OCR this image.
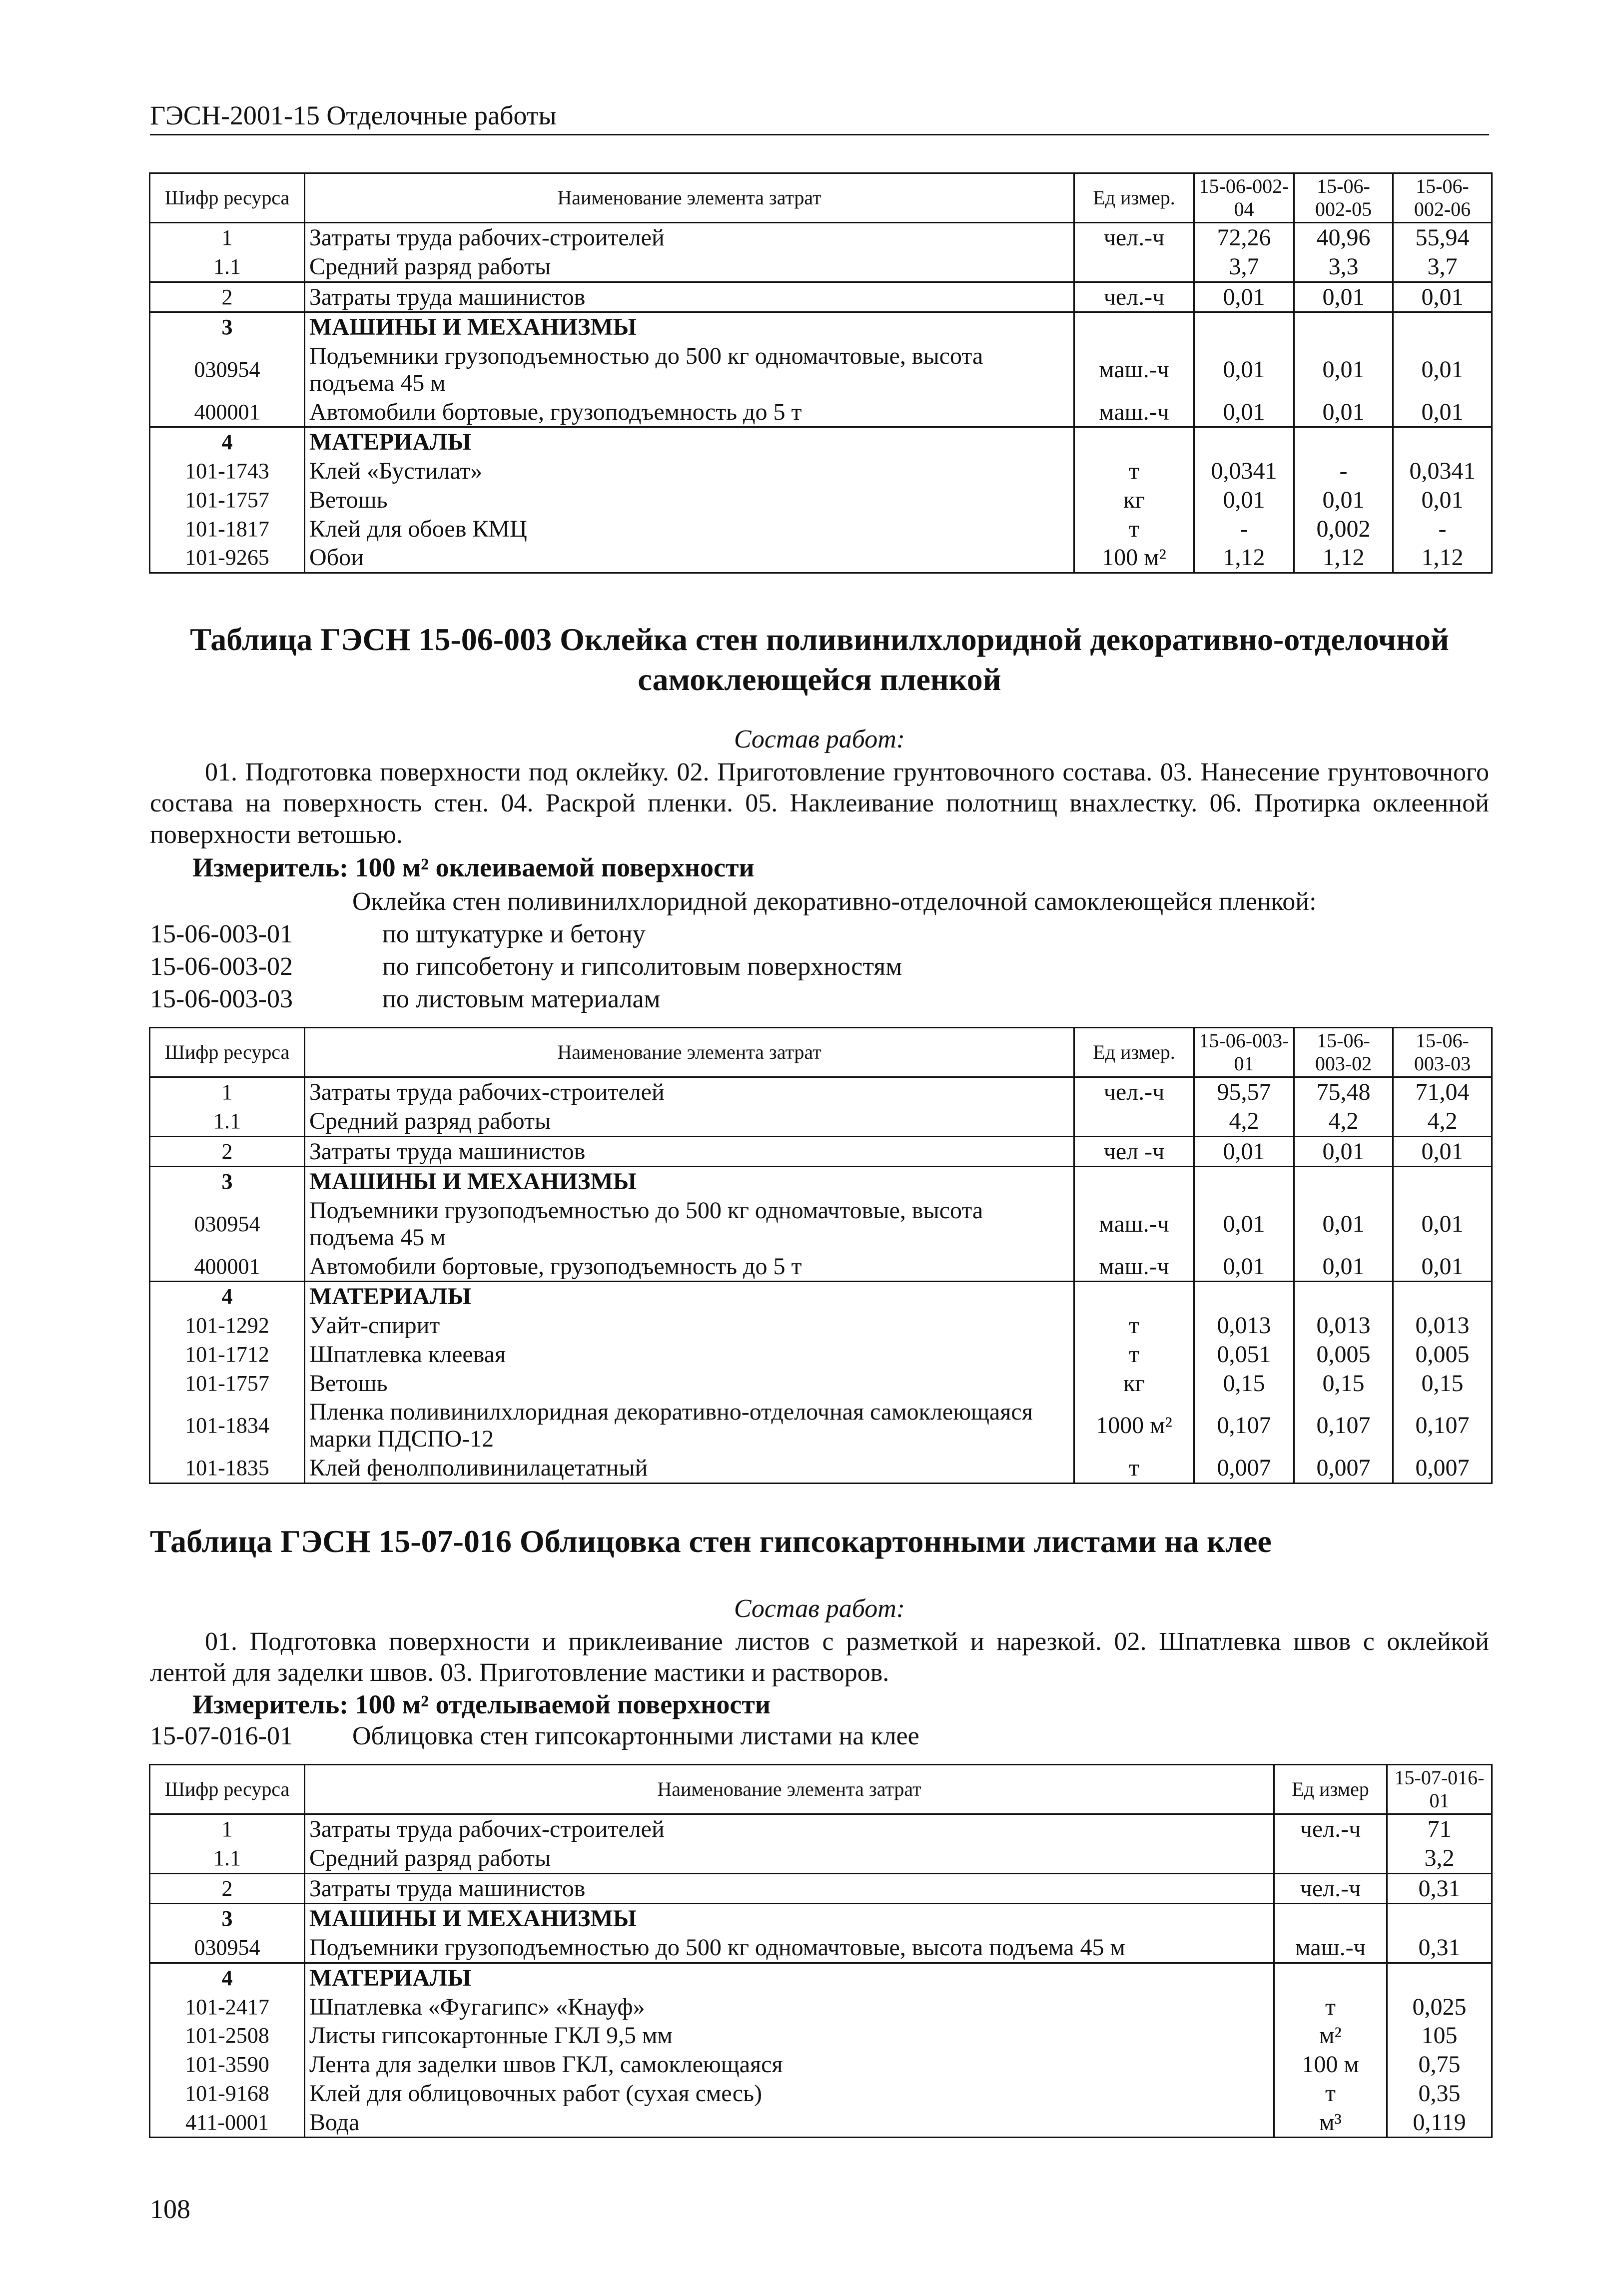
ГЭСН-2001-15 Отделочные работы
Шифр ресурса	Наименование элемента затрат	Ед измер.	15-06-002-04	15-06-002-05	15-06-002-06
1	Затраты труда рабочих-строителей	чел.-ч	72,26	40,96	55,94
1.1	Средний разряд работы		3,7	3,3	3,7
2	Затраты труда машинистов	чел.-ч	0,01	0,01	0,01
3	МАШИНЫ И МЕХАНИЗМЫ				
030954	Подъемники грузоподъемностью до 500 кг одномачтовые, высота подъема 45 м	маш.-ч	0,01	0,01	0,01
400001	Автомобили бортовые, грузоподъемность до 5 т	маш.-ч	0,01	0,01	0,01
4	МАТЕРИАЛЫ				
101-1743	Клей «Бустилат»	т	0,0341	-	0,0341
101-1757	Ветошь	кг	0,01	0,01	0,01
101-1817	Клей для обоев КМЦ	т	-	0,002	-
101-9265	Обои	100 м²	1,12	1,12	1,12
Таблица ГЭСН 15-06-003 Оклейка стен поливинилхлоридной декоративно-отделочной самоклеющейся пленкой
Состав работ:
01. Подготовка поверхности под оклейку. 02. Приготовление грунтовочного состава. 03. Нанесение грунтовочного состава на поверхность стен. 04. Раскрой пленки. 05. Наклеивание полотнищ внахлестку. 06. Протирка оклеенной поверхности ветошью.
Измеритель: 100 м² оклеиваемой поверхности
Оклейка стен поливинилхлоридной декоративно-отделочной самоклеющейся пленкой:
15-06-003-01	по штукатурке и бетону
15-06-003-02	по гипсобетону и гипсолитовым поверхностям
15-06-003-03	по листовым материалам
Шифр ресурса	Наименование элемента затрат	Ед измер.	15-06-003-01	15-06-003-02	15-06-003-03
1	Затраты труда рабочих-строителей	чел.-ч	95,57	75,48	71,04
1.1	Средний разряд работы		4,2	4,2	4,2
2	Затраты труда машинистов	чел -ч	0,01	0,01	0,01
3	МАШИНЫ И МЕХАНИЗМЫ				
030954	Подъемники грузоподъемностью до 500 кг одномачтовые, высота подъема 45 м	маш.-ч	0,01	0,01	0,01
400001	Автомобили бортовые, грузоподъемность до 5 т	маш.-ч	0,01	0,01	0,01
4	МАТЕРИАЛЫ				
101-1292	Уайт-спирит	т	0,013	0,013	0,013
101-1712	Шпатлевка клеевая	т	0,051	0,005	0,005
101-1757	Ветошь	кг	0,15	0,15	0,15
101-1834	Пленка поливинилхлоридная декоративно-отделочная самоклеющаяся марки ПДСПО-12	1000 м²	0,107	0,107	0,107
101-1835	Клей фенолполивинилацетатный	т	0,007	0,007	0,007
Таблица ГЭСН 15-07-016 Облицовка стен гипсокартонными листами на клее
Состав работ:
01. Подготовка поверхности и приклеивание листов с разметкой и нарезкой. 02. Шпатлевка швов с оклейкой лентой для заделки швов. 03. Приготовление мастики и растворов.
Измеритель: 100 м² отделываемой поверхности
15-07-016-01 Облицовка стен гипсокартонными листами на клее
Шифр ресурса	Наименование элемента затрат	Ед измер	15-07-016-01
1	Затраты труда рабочих-строителей	чел.-ч	71
1.1	Средний разряд работы		3,2
2	Затраты труда машинистов	чел.-ч	0,31
3	МАШИНЫ И МЕХАНИЗМЫ		
030954	Подъемники грузоподъемностью до 500 кг одномачтовые, высота подъема 45 м	маш.-ч	0,31
4	МАТЕРИАЛЫ		
101-2417	Шпатлевка «Фугагипс» «Кнауф»	т	0,025
101-2508	Листы гипсокартонные ГКЛ 9,5 мм	м²	105
101-3590	Лента для заделки швов ГКЛ, самоклеющаяся	100 м	0,75
101-9168	Клей для облицовочных работ (сухая смесь)	т	0,35
411-0001	Вода	м³	0,119
108
